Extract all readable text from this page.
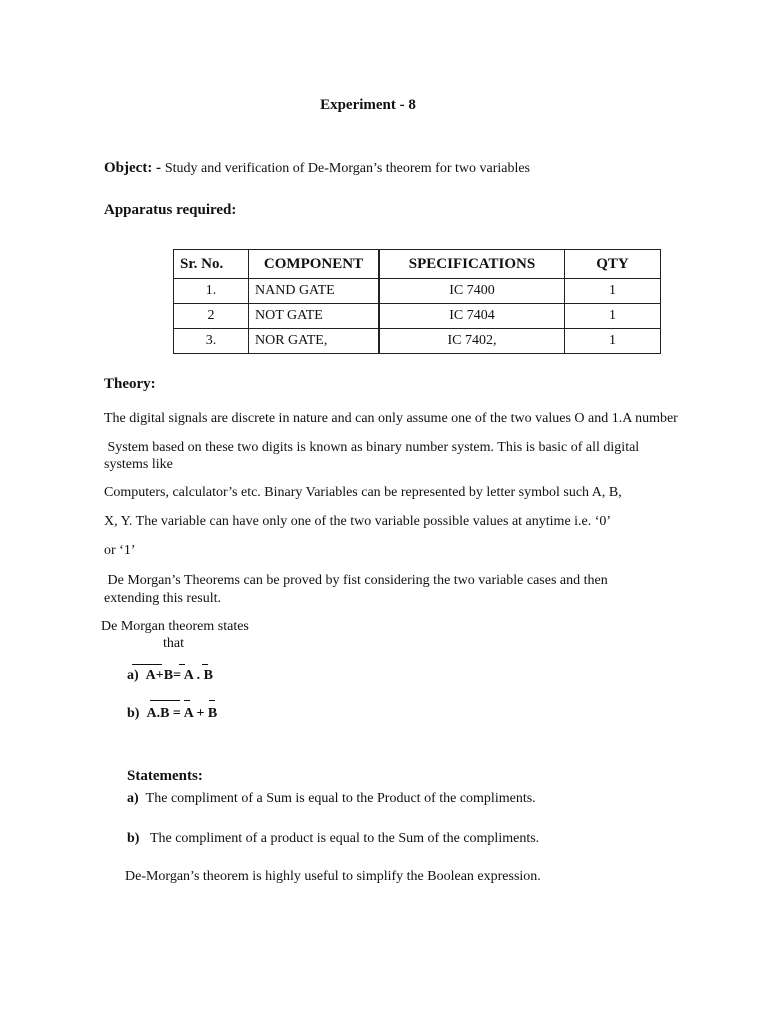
Experiment - 8
Object: - Study and verification of De-Morgan’s theorem for two variables
Apparatus required:
Sr. No.	COMPONENT	SPECIFICATIONS	QTY
1.	NAND GATE	IC 7400	1
2	NOT GATE	IC 7404	1
3.	NOR GATE,	IC 7402,	1
Theory:
The digital signals are discrete in nature and can only assume one of the two values O and 1.A number
System based on these two digits is known as binary number system. This is basic of all digital
systems like
Computers, calculator’s etc. Binary Variables can be represented by letter symbol such A, B,
X, Y. The variable can have only one of the two variable possible values at anytime i.e. ‘0’
or ‘1’
De Morgan’s Theorems can be proved by fist considering the two variable cases and then
extending this result.
De Morgan theorem states
that
a) A+B= A . B
b) A.B = A + B
Statements:
a) The compliment of a Sum is equal to the Product of the compliments.
b) The compliment of a product is equal to the Sum of the compliments.
De-Morgan’s theorem is highly useful to simplify the Boolean expression.
